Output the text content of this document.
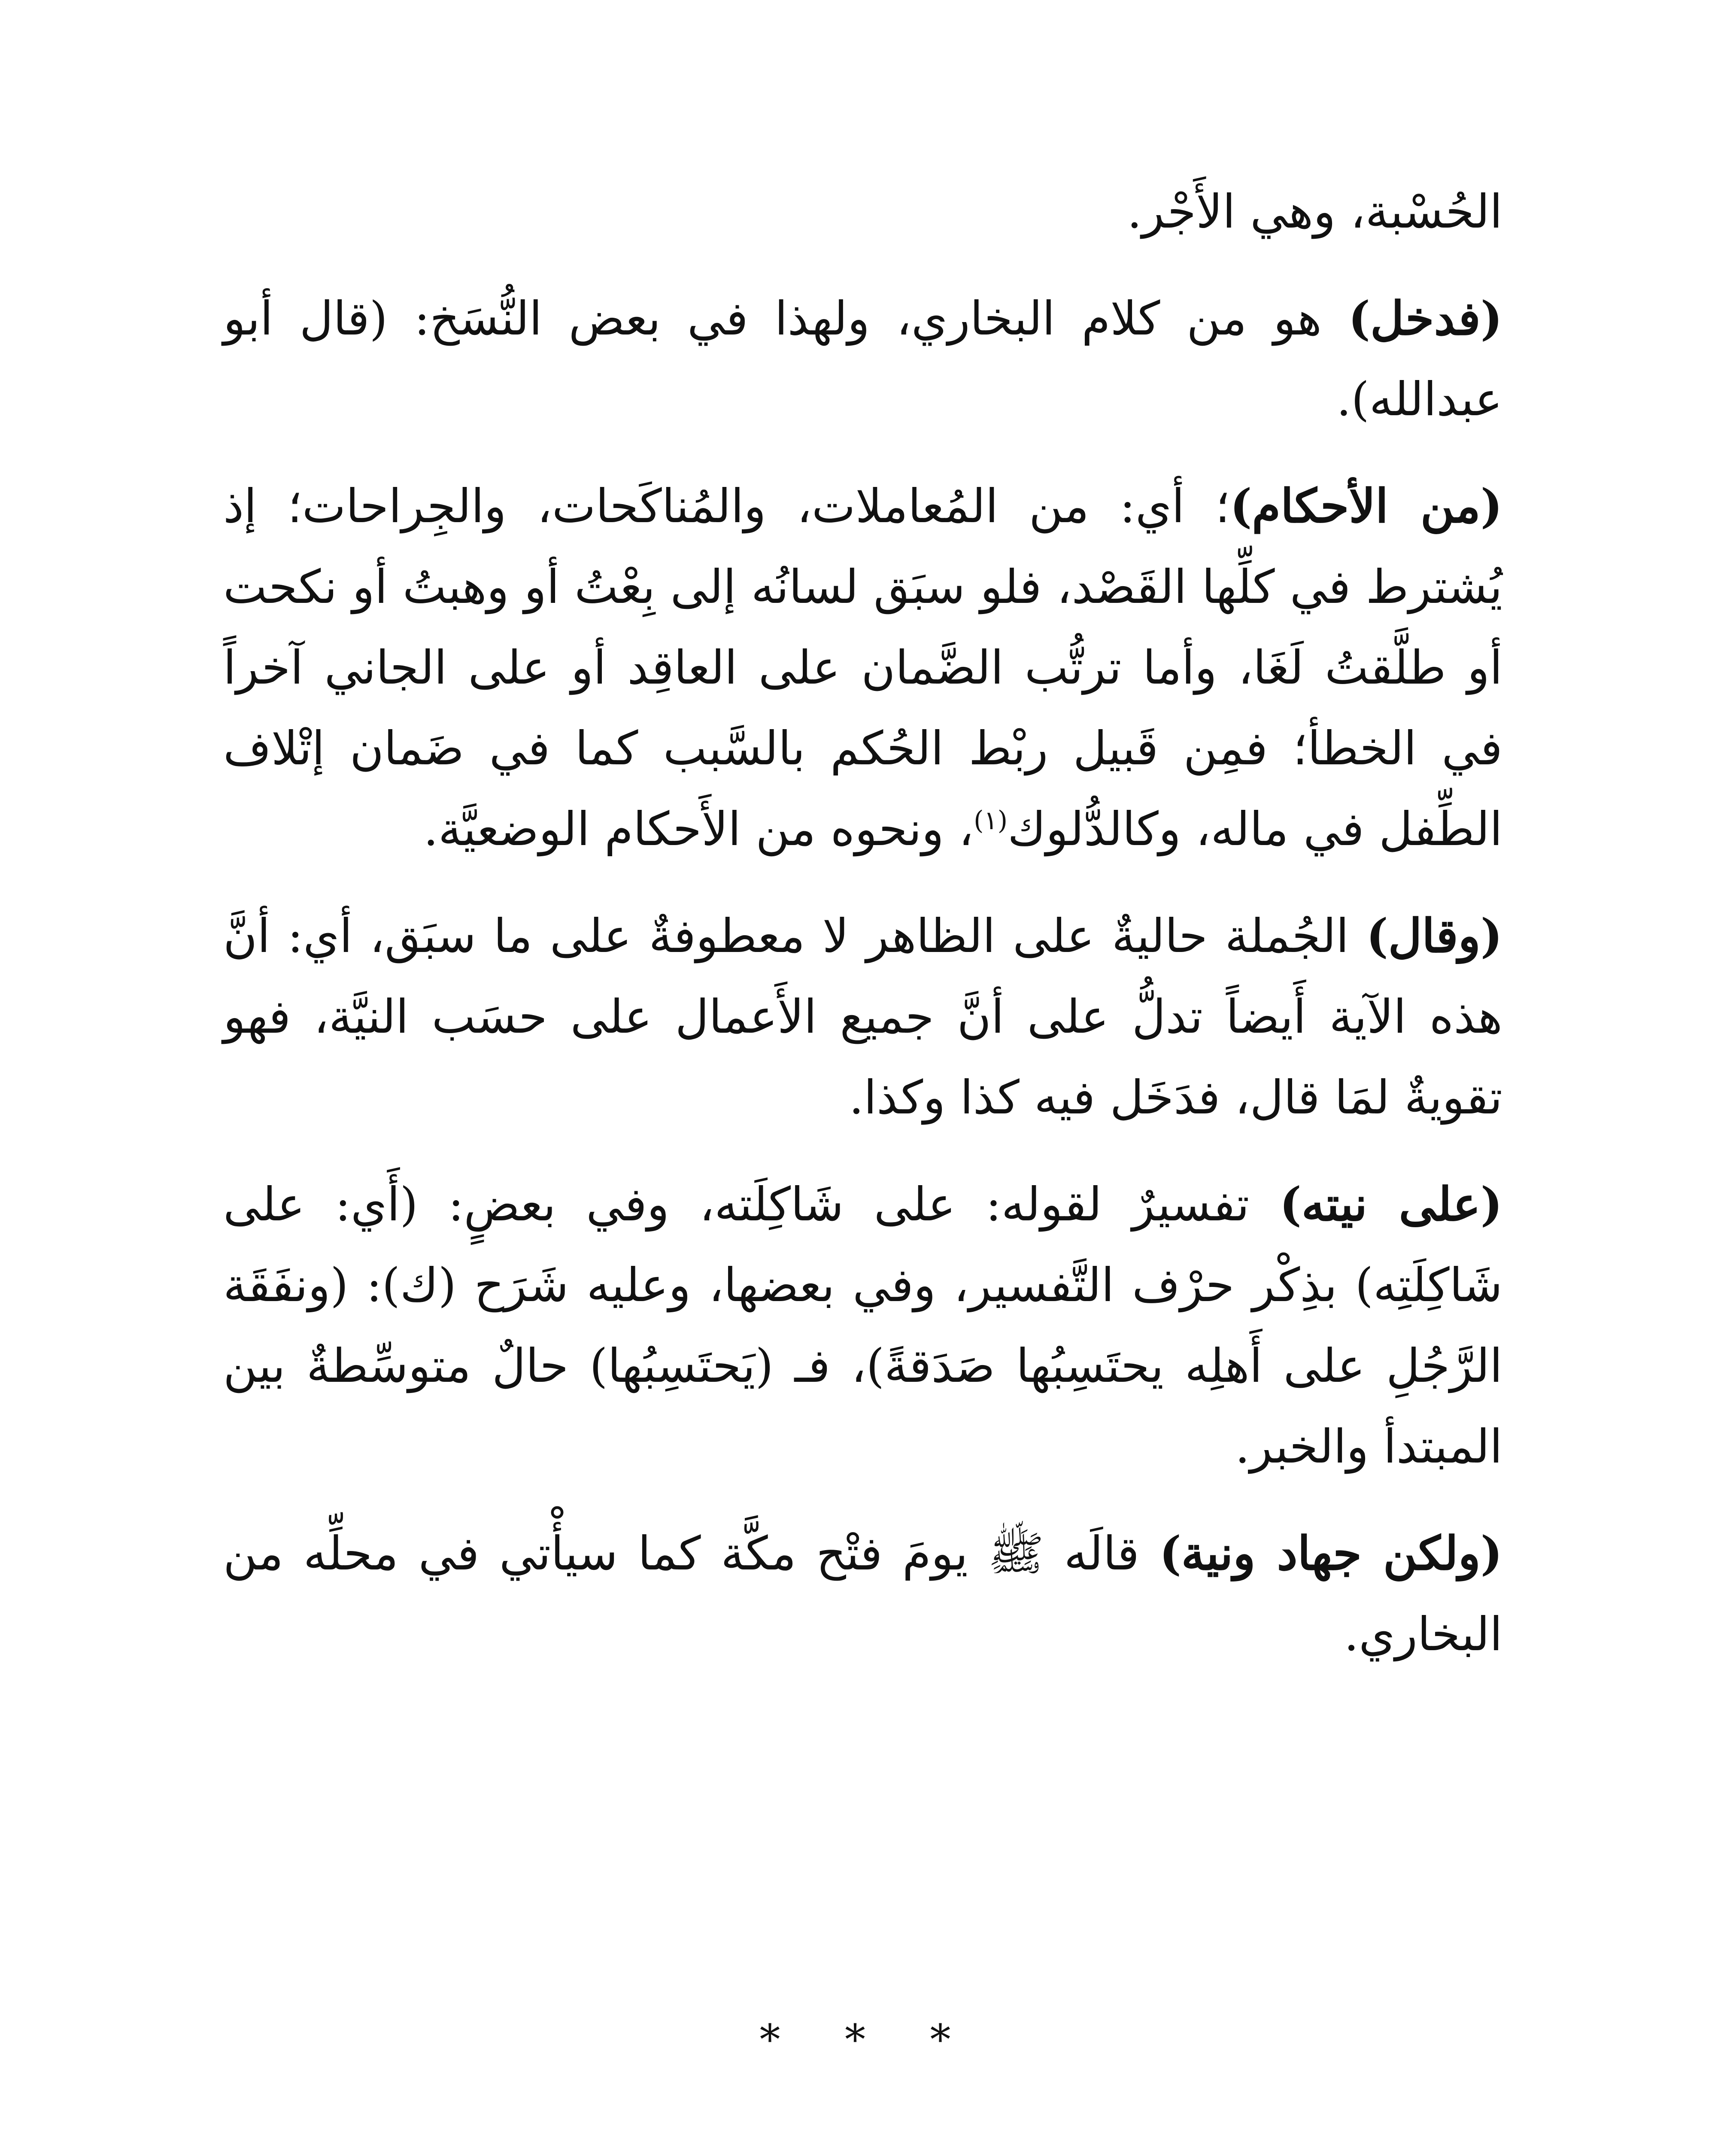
الحُسْبة، وهي الأَجْر.

(فدخل) هو من كلام البخاري، ولهذا في بعض النُّسَخ: (قال أبو عبدالله).

(من الأحكام)؛ أي: من المُعاملات، والمُناكَحات، والجِراحات؛ إذ يُشترط في كلِّها القَصْد، فلو سبَق لسانُه إلى بِعْتُ أو وهبتُ أو نكحت أو طلَّقتُ لَغَا، وأما ترتُّب الضَّمان على العاقِد أو على الجاني آخراً في الخطأ؛ فمِن قَبيل ربْط الحُكم بالسَّبب كما في ضَمان إتْلاف الطِّفل في ماله، وكالدُّلوك$^{(١)}$، ونحوه من الأَحكام الوضعيَّة.

(وقال) الجُملة حاليةٌ على الظاهر لا معطوفةٌ على ما سبَق، أي: أنَّ هذه الآية أَيضاً تدلُّ على أنَّ جميع الأَعمال على حسَب النيَّة، فهو تقويةٌ لمَا قال، فدَخَل فيه كذا وكذا.

(على نيته) تفسيرٌ لقوله: على شَاكِلَته، وفي بعضٍ: (أَي: على شَاكِلَتِه) بذِكْر حرْف التَّفسير، وفي بعضها، وعليه شَرَح (ك): (ونفَقَة الرَّجُلِ على أَهلِه يحتَسِبُها صَدَقةً)، فـ (يَحتَسِبُها) حالٌ متوسِّطةٌ بين المبتدأ والخبر.

(ولكن جهاد ونية) قالَه ﷺ يومَ فتْح مكَّة كما سيأْتي في محلِّه من البخاري.

* * *
